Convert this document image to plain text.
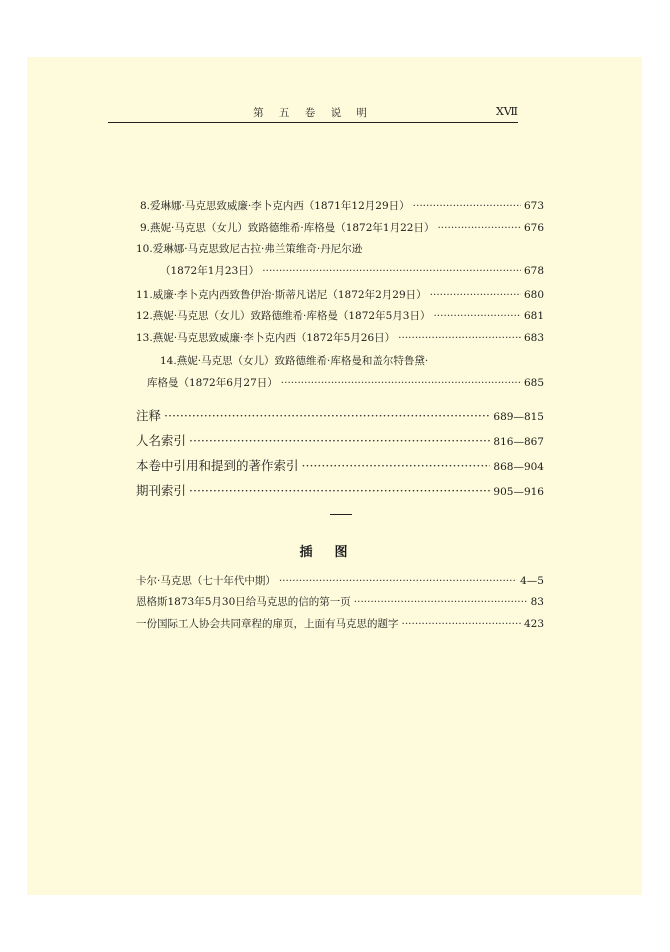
第 五 卷 说 明	XⅦ
8.爱琳娜·马克思致威廉·李卜克内西（1871年12月29日） ·····	673
9.燕妮·马克思（女儿）致路德维希·库格曼（1872年1月22日） ·····	676
10.爱琳娜·马克思致尼古拉·弗兰策维奇·丹尼尔逊
（1872年1月23日） ·····	678
11.威廉·李卜克内西致鲁伊治·斯蒂凡诺尼（1872年2月29日） ·····	680
12.燕妮·马克思（女儿）致路德维希·库格曼（1872年5月3日） ·····	681
13.燕妮·马克思致威廉·李卜克内西（1872年5月26日） ·····	683
14.燕妮·马克思（女儿）致路德维希·库格曼和盖尔特鲁黛·
库格曼（1872年6月27日） ·····	685
注释 ·····	689—815
人名索引 ·····	816—867
本卷中引用和提到的著作索引 ·····	868—904
期刊索引 ·····	905—916
插图
卡尔·马克思（七十年代中期） ·····	4—5
恩格斯1873年5月30日给马克思的信的第一页 ·····	83
一份国际工人协会共同章程的扉页，上面有马克思的题字 ·····	423
